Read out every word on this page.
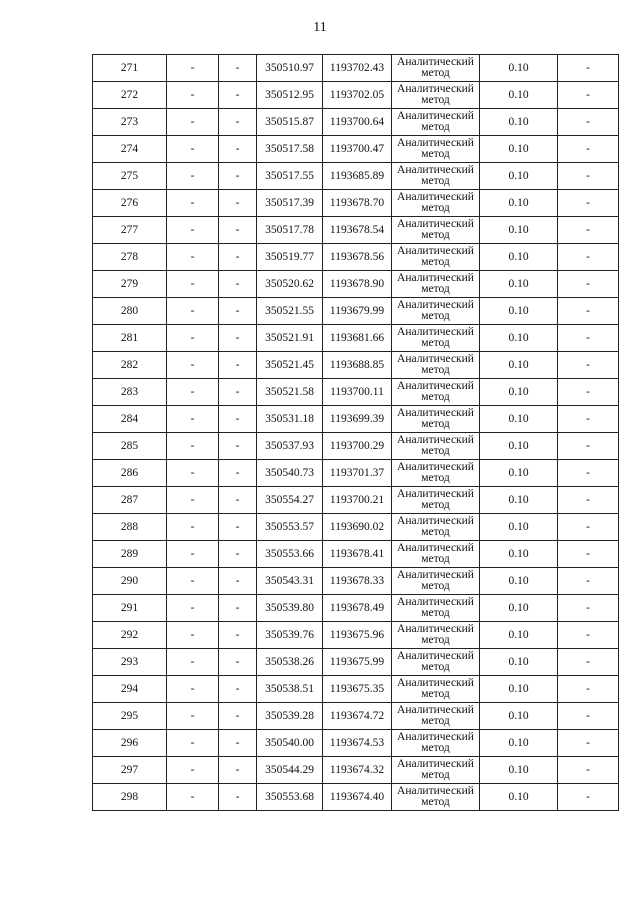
11
271	-	-	350510.97	1193702.43	Аналитический метод	0.10	-
272	-	-	350512.95	1193702.05	Аналитический метод	0.10	-
273	-	-	350515.87	1193700.64	Аналитический метод	0.10	-
274	-	-	350517.58	1193700.47	Аналитический метод	0.10	-
275	-	-	350517.55	1193685.89	Аналитический метод	0.10	-
276	-	-	350517.39	1193678.70	Аналитический метод	0.10	-
277	-	-	350517.78	1193678.54	Аналитический метод	0.10	-
278	-	-	350519.77	1193678.56	Аналитический метод	0.10	-
279	-	-	350520.62	1193678.90	Аналитический метод	0.10	-
280	-	-	350521.55	1193679.99	Аналитический метод	0.10	-
281	-	-	350521.91	1193681.66	Аналитический метод	0.10	-
282	-	-	350521.45	1193688.85	Аналитический метод	0.10	-
283	-	-	350521.58	1193700.11	Аналитический метод	0.10	-
284	-	-	350531.18	1193699.39	Аналитический метод	0.10	-
285	-	-	350537.93	1193700.29	Аналитический метод	0.10	-
286	-	-	350540.73	1193701.37	Аналитический метод	0.10	-
287	-	-	350554.27	1193700.21	Аналитический метод	0.10	-
288	-	-	350553.57	1193690.02	Аналитический метод	0.10	-
289	-	-	350553.66	1193678.41	Аналитический метод	0.10	-
290	-	-	350543.31	1193678.33	Аналитический метод	0.10	-
291	-	-	350539.80	1193678.49	Аналитический метод	0.10	-
292	-	-	350539.76	1193675.96	Аналитический метод	0.10	-
293	-	-	350538.26	1193675.99	Аналитический метод	0.10	-
294	-	-	350538.51	1193675.35	Аналитический метод	0.10	-
295	-	-	350539.28	1193674.72	Аналитический метод	0.10	-
296	-	-	350540.00	1193674.53	Аналитический метод	0.10	-
297	-	-	350544.29	1193674.32	Аналитический метод	0.10	-
298	-	-	350553.68	1193674.40	Аналитический метод	0.10	-
